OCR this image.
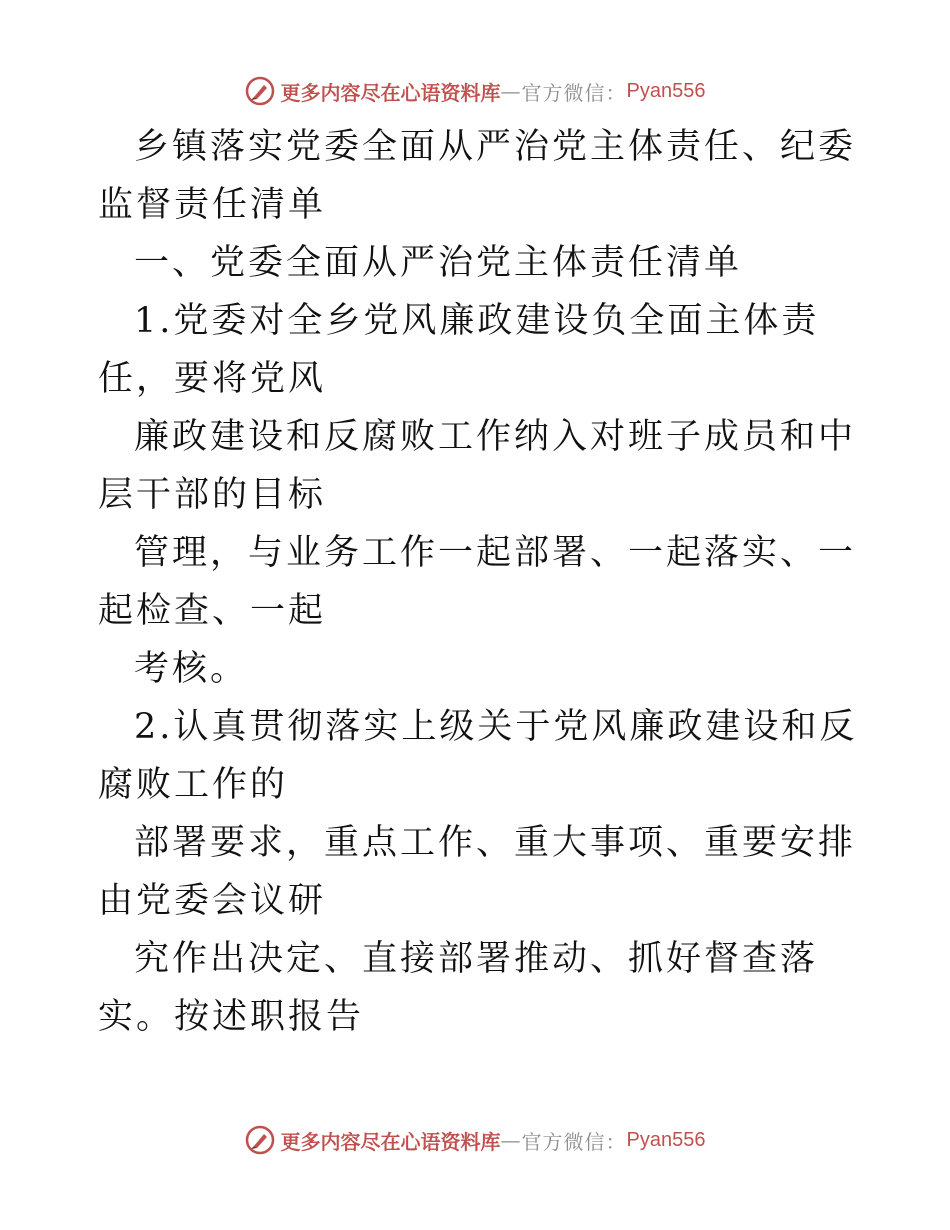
更多内容尽在心语资料库 — 官方微信： Pyan556

乡镇落实党委全面从严治党主体责任、纪委监督责任清单

一、党委全面从严治党主体责任清单

1.党委对全乡党风廉政建设负全面主体责任，要将党风

廉政建设和反腐败工作纳入对班子成员和中层干部的目标

管理，与业务工作一起部署、一起落实、一起检查、一起

考核。

2.认真贯彻落实上级关于党风廉政建设和反腐败工作的

部署要求，重点工作、重大事项、重要安排由党委会议研

究作出决定、直接部署推动、抓好督查落实。按述职报告

更多内容尽在心语资料库 — 官方微信： Pyan556
